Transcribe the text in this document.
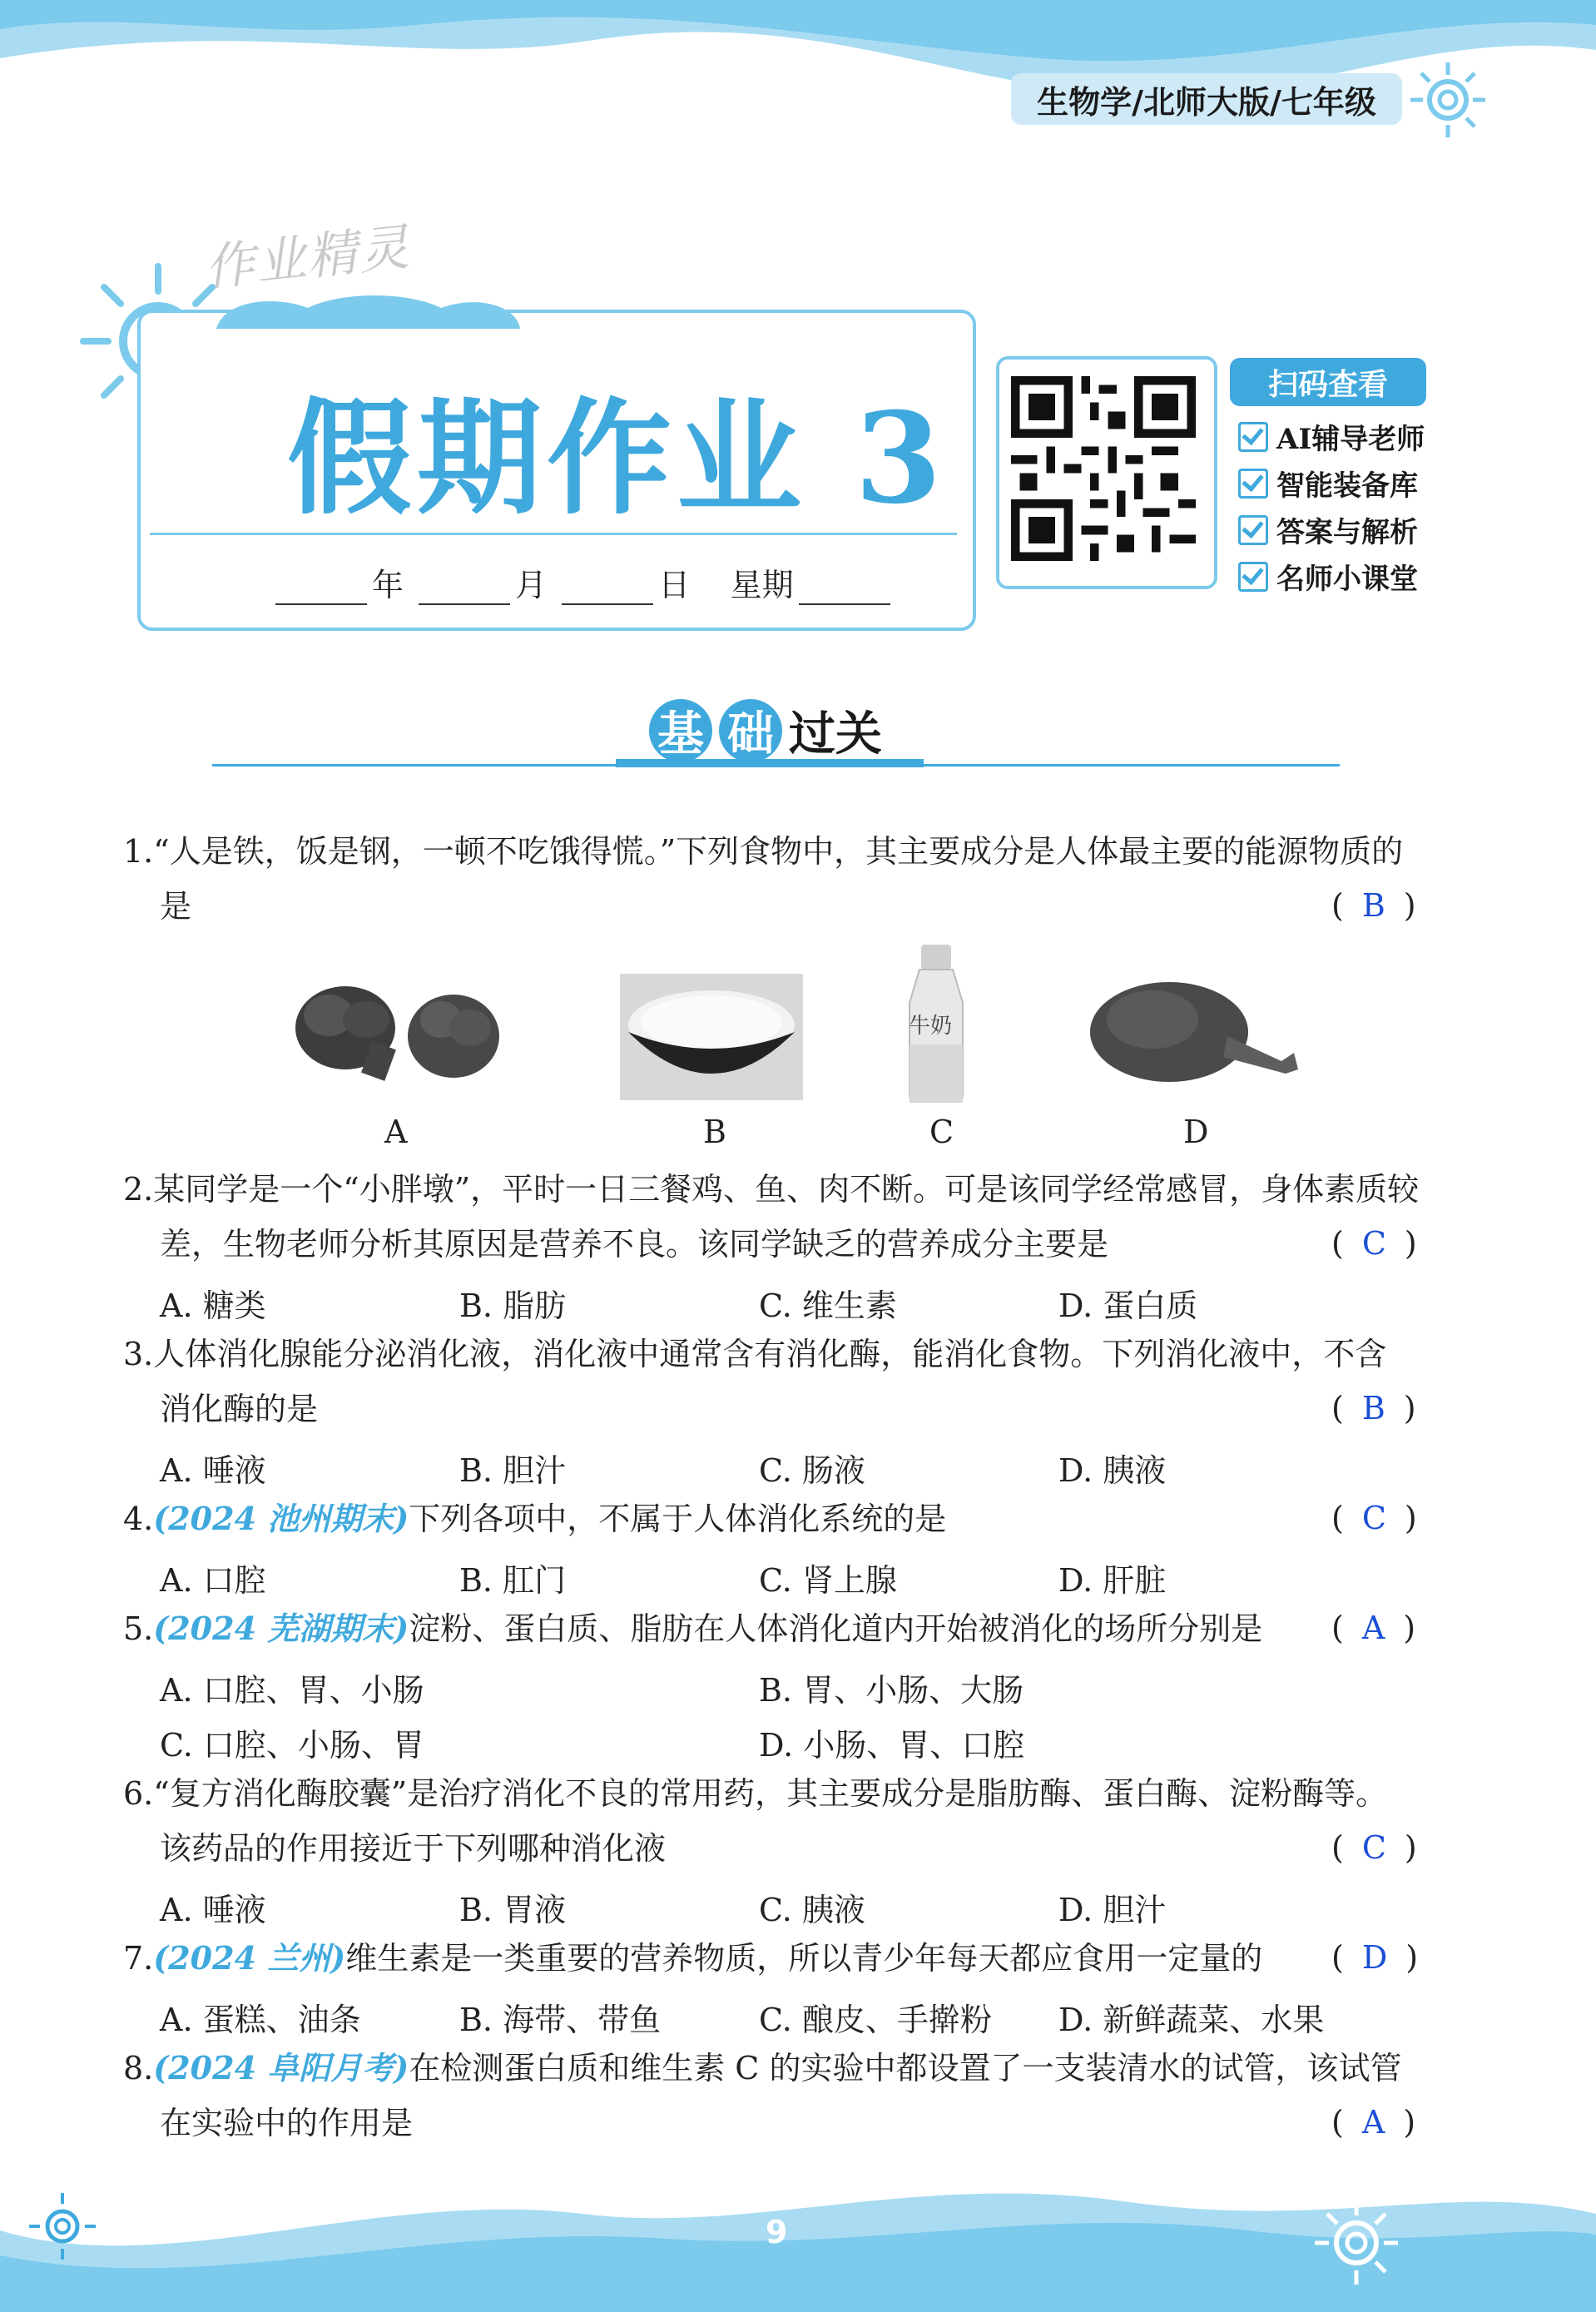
生物学/北师大版/七年级
作业精灵
假期作业 3
年	月	日 星期
扫码查看
AI辅导老师
智能装备库
答案与解析
名师小课堂
基 础 过关
1.“人是铁，饭是钢，一顿不吃饿得慌。”下列食物中，其主要成分是人体最主要的能源物质的
是	( B )
牛奶
A	B	C	D
2.某同学是一个“小胖墩”，平时一日三餐鸡、鱼、肉不断。可是该同学经常感冒，身体素质较
差，生物老师分析其原因是营养不良。该同学缺乏的营养成分主要是	( C )
A. 糖类	B. 脂肪	C. 维生素	D. 蛋白质
3.人体消化腺能分泌消化液，消化液中通常含有消化酶，能消化食物。下列消化液中，不含
消化酶的是	( B )
A. 唾液	B. 胆汁	C. 肠液	D. 胰液
4.(2024 池州期末)下列各项中，不属于人体消化系统的是	( C )
A. 口腔	B. 肛门	C. 肾上腺	D. 肝脏
5.(2024 芜湖期末)淀粉、蛋白质、脂肪在人体消化道内开始被消化的场所分别是	( A )
A. 口腔、胃、小肠	B. 胃、小肠、大肠
C. 口腔、小肠、胃	D. 小肠、胃、口腔
6.“复方消化酶胶囊”是治疗消化不良的常用药，其主要成分是脂肪酶、蛋白酶、淀粉酶等。
该药品的作用接近于下列哪种消化液	( C )
A. 唾液	B. 胃液	C. 胰液	D. 胆汁
7.(2024 兰州)维生素是一类重要的营养物质，所以青少年每天都应食用一定量的	( D )
A. 蛋糕、油条	B. 海带、带鱼	C. 酿皮、手擀粉 D. 新鲜蔬菜、水果
8.(2024 阜阳月考)在检测蛋白质和维生素 C 的实验中都设置了一支装清水的试管，该试管
在实验中的作用是	( A )
9
